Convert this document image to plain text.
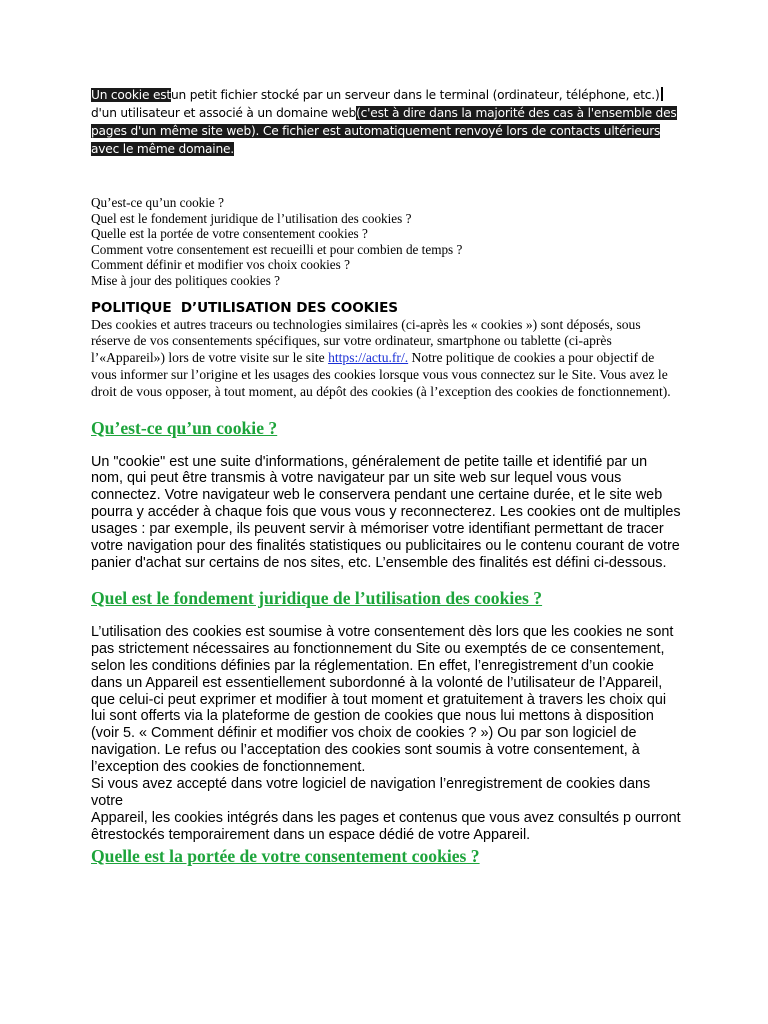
Un cookie estun petit fichier stocké par un serveur dans le terminal (ordinateur, téléphone, etc.)d'un utilisateur et associé à un domaine web(c'est à dire dans la majorité des cas à l'ensemble des pages d'un même site web). Ce fichier est automatiquement renvoyé lors de contacts ultérieurs avec le même domaine.

Qu’est-ce qu’un cookie ?
Quel est le fondement juridique de l’utilisation des cookies ?
Quelle est la portée de votre consentement cookies ?
Comment votre consentement est recueilli et pour combien de temps ?
Comment définir et modifier vos choix cookies ?
Mise à jour des politiques cookies ?
POLITIQUE  D’UTILISATION DES COOKIES

Des cookies et autres traceurs ou technologies similaires (ci-après les « cookies ») sont déposés, sous réserve de vos consentements spécifiques, sur votre ordinateur, smartphone ou tablette (ci-après l’«Appareil») lors de votre visite sur le site https://actu.fr/. Notre politique de cookies a pour objectif de vous informer sur l’origine et les usages des cookies lorsque vous vous connectez sur le Site. Vous avez le droit de vous opposer, à tout moment, au dépôt des cookies (à l’exception des cookies de fonctionnement).

Qu’est-ce qu’un cookie ?

Un "cookie" est une suite d'informations, généralement de petite taille et identifié par un nom, qui peut être transmis à votre navigateur par un site web sur lequel vous vous connectez. Votre navigateur web le conservera pendant une certaine durée, et le site web pourra y accéder à chaque fois que vous vous y reconnecterez. Les cookies ont de multiples usages : par exemple, ils peuvent servir à mémoriser votre identifiant permettant de tracer votre navigation pour des finalités statistiques ou publicitaires ou le contenu courant de votre panier d'achat sur certains de nos sites, etc. L’ensemble des finalités est défini ci-dessous.

Quel est le fondement juridique de l’utilisation des cookies ?

L’utilisation des cookies est soumise à votre consentement dès lors que les cookies ne sont pas strictement nécessaires au fonctionnement du Site ou exemptés de ce consentement, selon les conditions définies par la réglementation. En effet, l’enregistrement d’un cookie dans un Appareil est essentiellement subordonné à la volonté de l’utilisateur de l’Appareil, que celui-ci peut exprimer et modifier à tout moment et gratuitement à travers les choix qui lui sont offerts via la plateforme de gestion de cookies que nous lui mettons à disposition (voir 5. « Comment définir et modifier vos choix de cookies ? ») Ou par son logiciel de navigation. Le refus ou l’acceptation des cookies sont soumis à votre consentement, à l’exception des cookies de fonctionnement.

Si vous avez accepté dans votre logiciel de navigation l’enregistrement de cookies dans votre

Appareil, les cookies intégrés dans les pages et contenus que vous avez consultés p ourront êtrestockés temporairement dans un espace dédié de votre Appareil.

Quelle est la portée de votre consentement cookies ?
